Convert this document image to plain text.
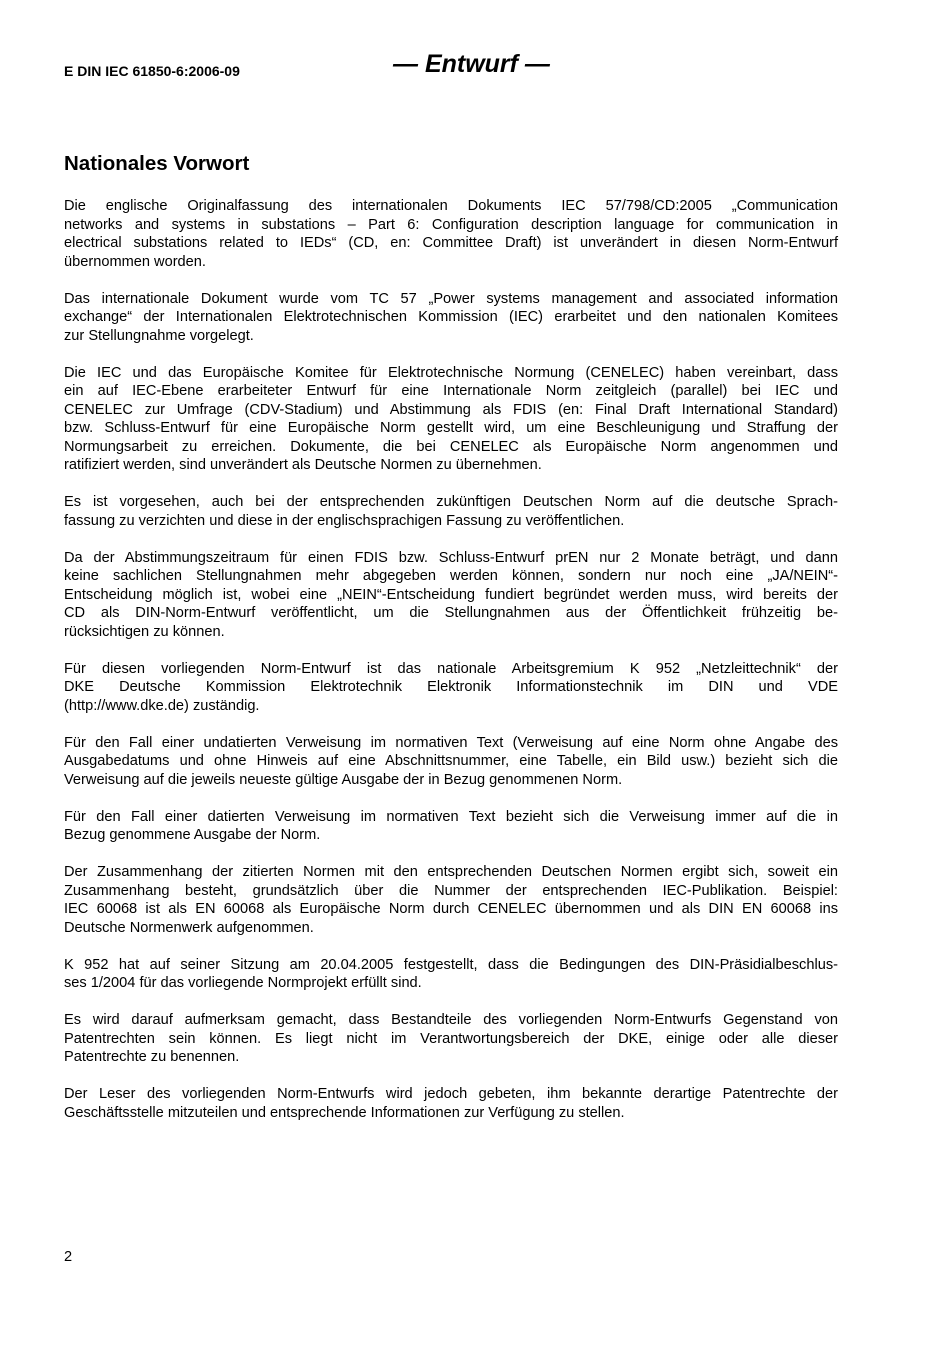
E DIN IEC 61850-6:2006-09	— Entwurf —
Nationales Vorwort
Die englische Originalfassung des internationalen Dokuments IEC 57/798/CD:2005 „Communication
networks and systems in substations – Part 6: Configuration description language for communication in
electrical substations related to IEDs“ (CD, en: Committee Draft) ist unverändert in diesen Norm-Entwurf
übernommen worden.
Das internationale Dokument wurde vom TC 57 „Power systems management and associated information
exchange“ der Internationalen Elektrotechnischen Kommission (IEC) erarbeitet und den nationalen Komitees
zur Stellungnahme vorgelegt.
Die IEC und das Europäische Komitee für Elektrotechnische Normung (CENELEC) haben vereinbart, dass
ein auf IEC-Ebene erarbeiteter Entwurf für eine Internationale Norm zeitgleich (parallel) bei IEC und
CENELEC zur Umfrage (CDV-Stadium) und Abstimmung als FDIS (en: Final Draft International Standard)
bzw. Schluss-Entwurf für eine Europäische Norm gestellt wird, um eine Beschleunigung und Straffung der
Normungsarbeit zu erreichen. Dokumente, die bei CENELEC als Europäische Norm angenommen und
ratifiziert werden, sind unverändert als Deutsche Normen zu übernehmen.
Es ist vorgesehen, auch bei der entsprechenden zukünftigen Deutschen Norm auf die deutsche Sprach-
fassung zu verzichten und diese in der englischsprachigen Fassung zu veröffentlichen.
Da der Abstimmungszeitraum für einen FDIS bzw. Schluss-Entwurf prEN nur 2 Monate beträgt, und dann
keine sachlichen Stellungnahmen mehr abgegeben werden können, sondern nur noch eine „JA/NEIN“-
Entscheidung möglich ist, wobei eine „NEIN“-Entscheidung fundiert begründet werden muss, wird bereits der
CD als DIN-Norm-Entwurf veröffentlicht, um die Stellungnahmen aus der Öffentlichkeit frühzeitig be-
rücksichtigen zu können.
Für diesen vorliegenden Norm-Entwurf ist das nationale Arbeitsgremium K 952 „Netzleittechnik“ der
DKE Deutsche Kommission Elektrotechnik Elektronik Informationstechnik im DIN und VDE
(http://www.dke.de) zuständig.
Für den Fall einer undatierten Verweisung im normativen Text (Verweisung auf eine Norm ohne Angabe des
Ausgabedatums und ohne Hinweis auf eine Abschnittsnummer, eine Tabelle, ein Bild usw.) bezieht sich die
Verweisung auf die jeweils neueste gültige Ausgabe der in Bezug genommenen Norm.
Für den Fall einer datierten Verweisung im normativen Text bezieht sich die Verweisung immer auf die in
Bezug genommene Ausgabe der Norm.
Der Zusammenhang der zitierten Normen mit den entsprechenden Deutschen Normen ergibt sich, soweit ein
Zusammenhang besteht, grundsätzlich über die Nummer der entsprechenden IEC-Publikation. Beispiel:
IEC 60068 ist als EN 60068 als Europäische Norm durch CENELEC übernommen und als DIN EN 60068 ins
Deutsche Normenwerk aufgenommen.
K 952 hat auf seiner Sitzung am 20.04.2005 festgestellt, dass die Bedingungen des DIN-Präsidialbeschlus-
ses 1/2004 für das vorliegende Normprojekt erfüllt sind.
Es wird darauf aufmerksam gemacht, dass Bestandteile des vorliegenden Norm-Entwurfs Gegenstand von
Patentrechten sein können. Es liegt nicht im Verantwortungsbereich der DKE, einige oder alle dieser
Patentrechte zu benennen.
Der Leser des vorliegenden Norm-Entwurfs wird jedoch gebeten, ihm bekannte derartige Patentrechte der
Geschäftsstelle mitzuteilen und entsprechende Informationen zur Verfügung zu stellen.
2
